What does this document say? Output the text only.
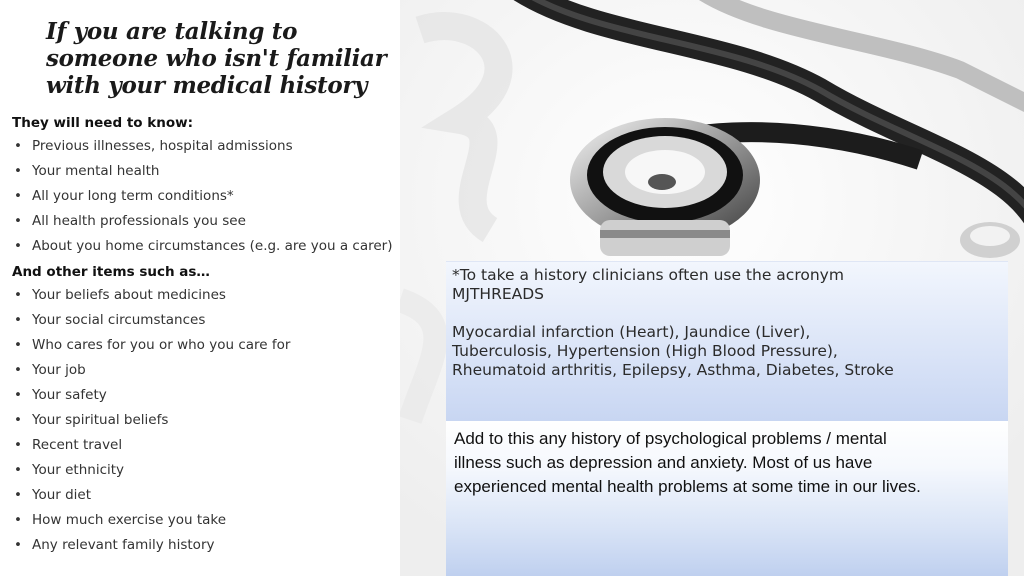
If you are talking to
someone who isn't familiar
with your medical history
They will need to know:
• Previous illnesses, hospital admissions
• Your mental health
• All your long term conditions*
• All health professionals you see
• About you home circumstances (e.g. are you a carer)
And other items such as…
• Your beliefs about medicines
• Your social circumstances
• Who cares for you or who you care for
• Your job
• Your safety
• Your spiritual beliefs
• Recent travel
• Your ethnicity
• Your diet
• How much exercise you take
• Any relevant family history

*To take a history clinicians often use the acronym

MJTHREADS

Myocardial infarction (Heart), Jaundice (Liver),

Tuberculosis, Hypertension (High Blood Pressure),

Rheumatoid arthritis, Epilepsy, Asthma, Diabetes, Stroke

Add to this any history of psychological problems / mental
illness such as depression and anxiety. Most of us have
experienced mental health problems at some time in our lives.
